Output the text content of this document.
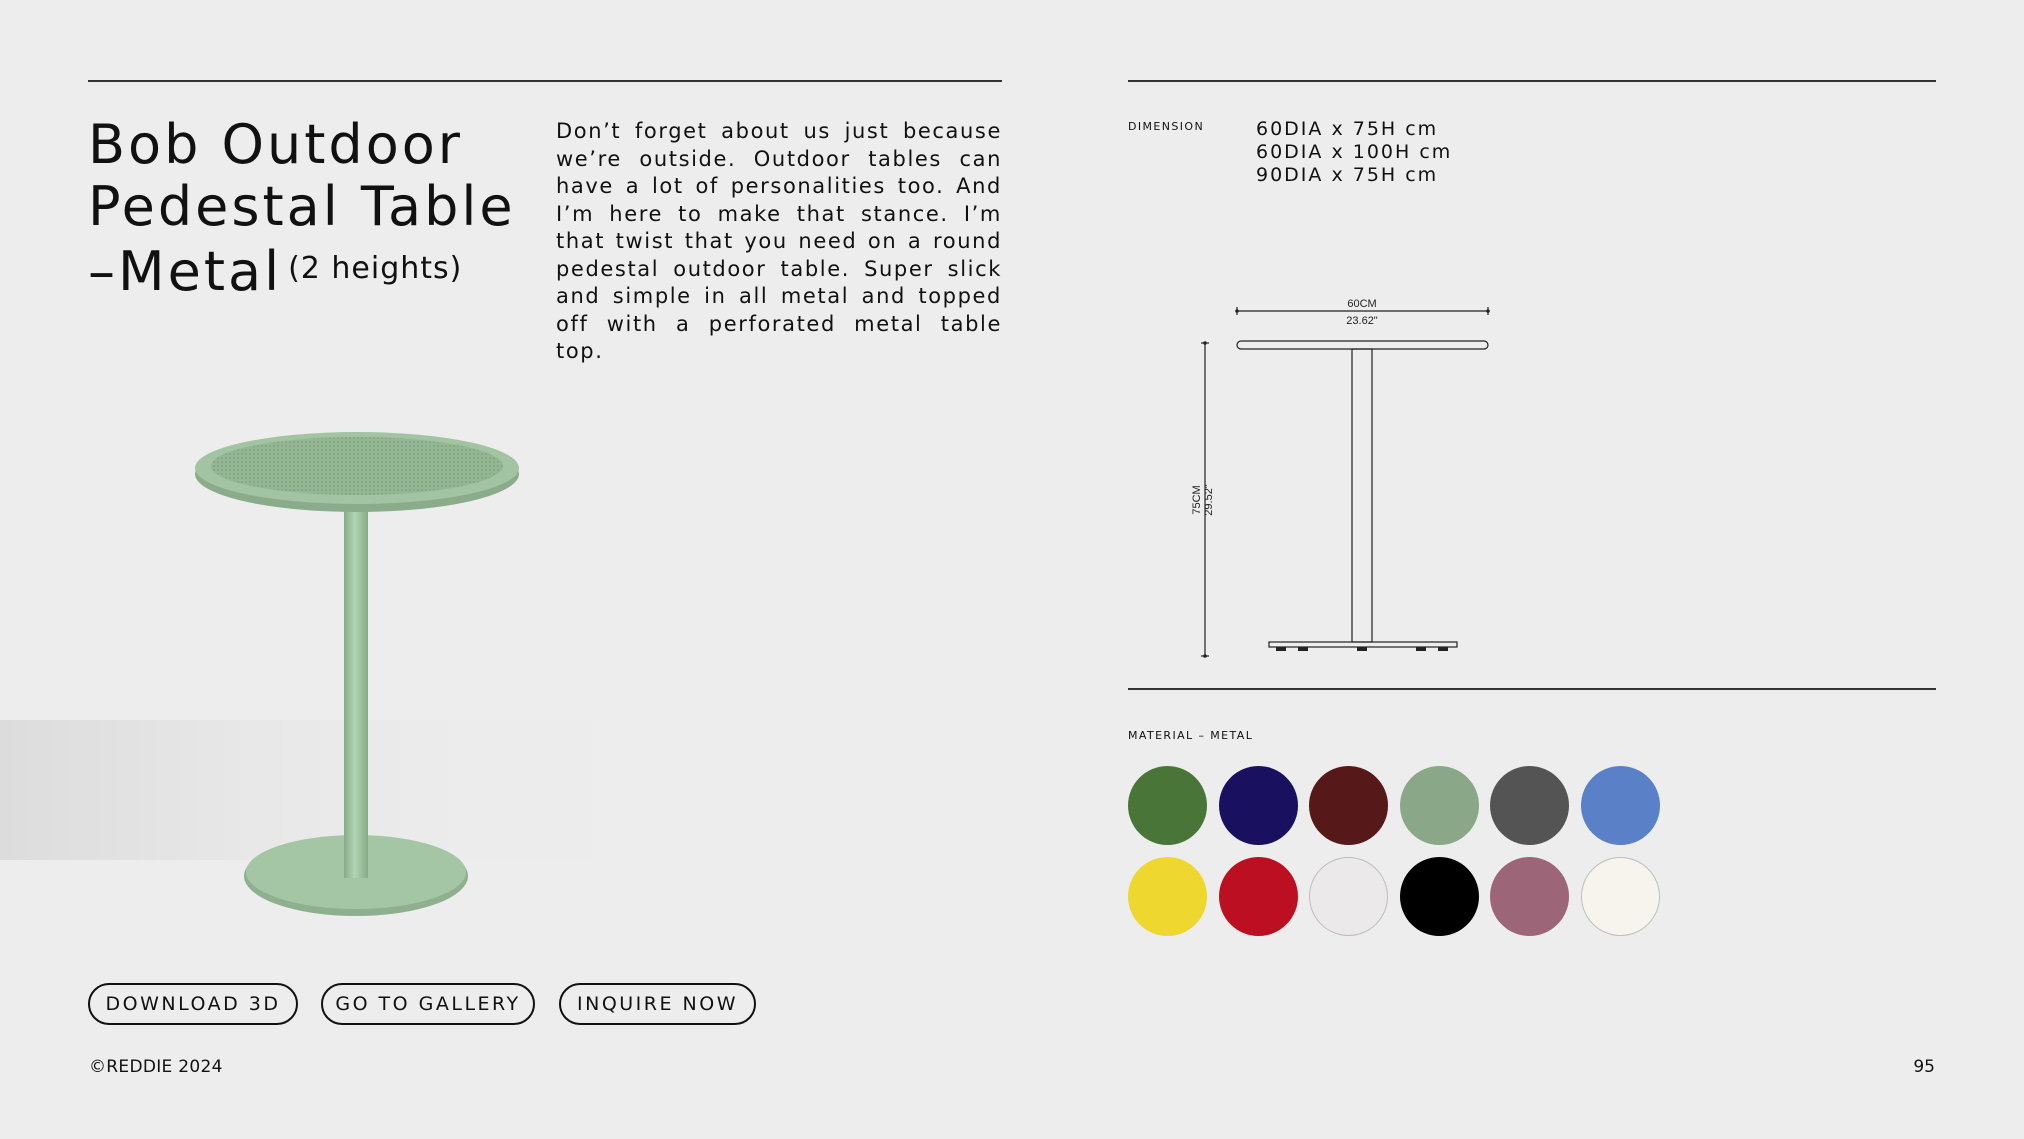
Bob Outdoor
Pedestal Table
–Metal $^{(2 heights)}$

Don’t forget about us just because we’re outside. Outdoor tables can have a lot of personalities too. And I’m here to make that stance. I’m that twist that you need on a round pedestal outdoor table. Super slick and simple in all metal and topped off with a perforated metal table top.

DOWNLOAD 3D	GO TO GALLERY	INQUIRE NOW
©REDDIE 2024	95
DIMENSION	60DIA x 75H cm
60DIA x 100H cm
90DIA x 75H cm
60CM
23.62"
75CM 29.52"
MATERIAL – METAL
